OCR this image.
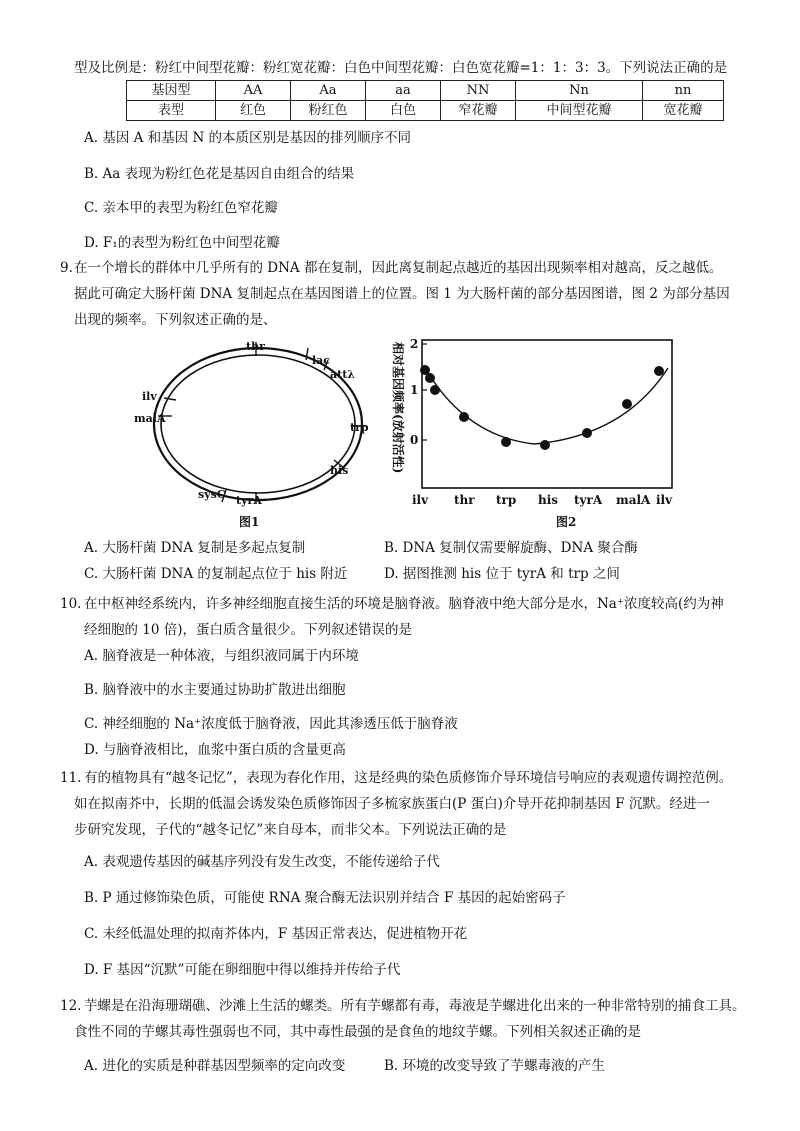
型及比例是：粉红中间型花瓣：粉红宽花瓣：白色中间型花瓣：白色宽花瓣=1：1：3：3。下列说法正确的是
基因型	AA	Aa	aa	NN	Nn	nn
表型	红色	粉红色	白色	窄花瓣	中间型花瓣	宽花瓣
A. 基因 A 和基因 N 的本质区别是基因的排列顺序不同
B. Aa 表现为粉红色花是基因自由组合的结果
C. 亲本甲的表型为粉红色窄花瓣
D. F₁的表型为粉红色中间型花瓣
9. 在一个增长的群体中几乎所有的 DNA 都在复制，因此离复制起点越近的基因出现频率相对越高，反之越低。
据此可确定大肠杆菌 DNA 复制起点在基因图谱上的位置。图 1 为大肠杆菌的部分基因图谱，图 2 为部分基因
出现的频率。下列叙述正确的是、
thr
lac
attλ
trp
his
tyrA
sysC
malA
ilv
图1
相对基因频率(放射活性) 2
1
0
ilv thr trp his tyrA malA ilv
图2
A. 大肠杆菌 DNA 复制是多起点复制	B. DNA 复制仅需要解旋酶、DNA 聚合酶
C. 大肠杆菌 DNA 的复制起点位于 his 附近	D. 据图推测 his 位于 tyrA 和 trp 之间
10. 在中枢神经系统内，许多神经细胞直接生活的环境是脑脊液。脑脊液中绝大部分是水，Na⁺浓度较高(约为神
经细胞的 10 倍)，蛋白质含量很少。下列叙述错误的是
A. 脑脊液是一种体液，与组织液同属于内环境
B. 脑脊液中的水主要通过协助扩散进出细胞
C. 神经细胞的 Na⁺浓度低于脑脊液，因此其渗透压低于脑脊液
D. 与脑脊液相比，血浆中蛋白质的含量更高
11. 有的植物具有“越冬记忆”，表现为春化作用，这是经典的染色质修饰介导环境信号响应的表观遗传调控范例。
如在拟南芥中，长期的低温会诱发染色质修饰因子多梳家族蛋白(P 蛋白)介导开花抑制基因 F 沉默。经进一
步研究发现，子代的“越冬记忆”来自母本，而非父本。下列说法正确的是
A. 表观遗传基因的碱基序列没有发生改变，不能传递给子代
B. P 通过修饰染色质，可能使 RNA 聚合酶无法识别并结合 F 基因的起始密码子
C. 未经低温处理的拟南芥体内，F 基因正常表达，促进植物开花
D. F 基因“沉默”可能在卵细胞中得以维持并传给子代
12. 芋螺是在沿海珊瑚礁、沙滩上生活的螺类。所有芋螺都有毒，毒液是芋螺进化出来的一种非常特别的捕食工具。
食性不同的芋螺其毒性强弱也不同，其中毒性最强的是食鱼的地纹芋螺。下列相关叙述正确的是
A. 进化的实质是种群基因型频率的定向改变	B. 环境的改变导致了芋螺毒液的产生
